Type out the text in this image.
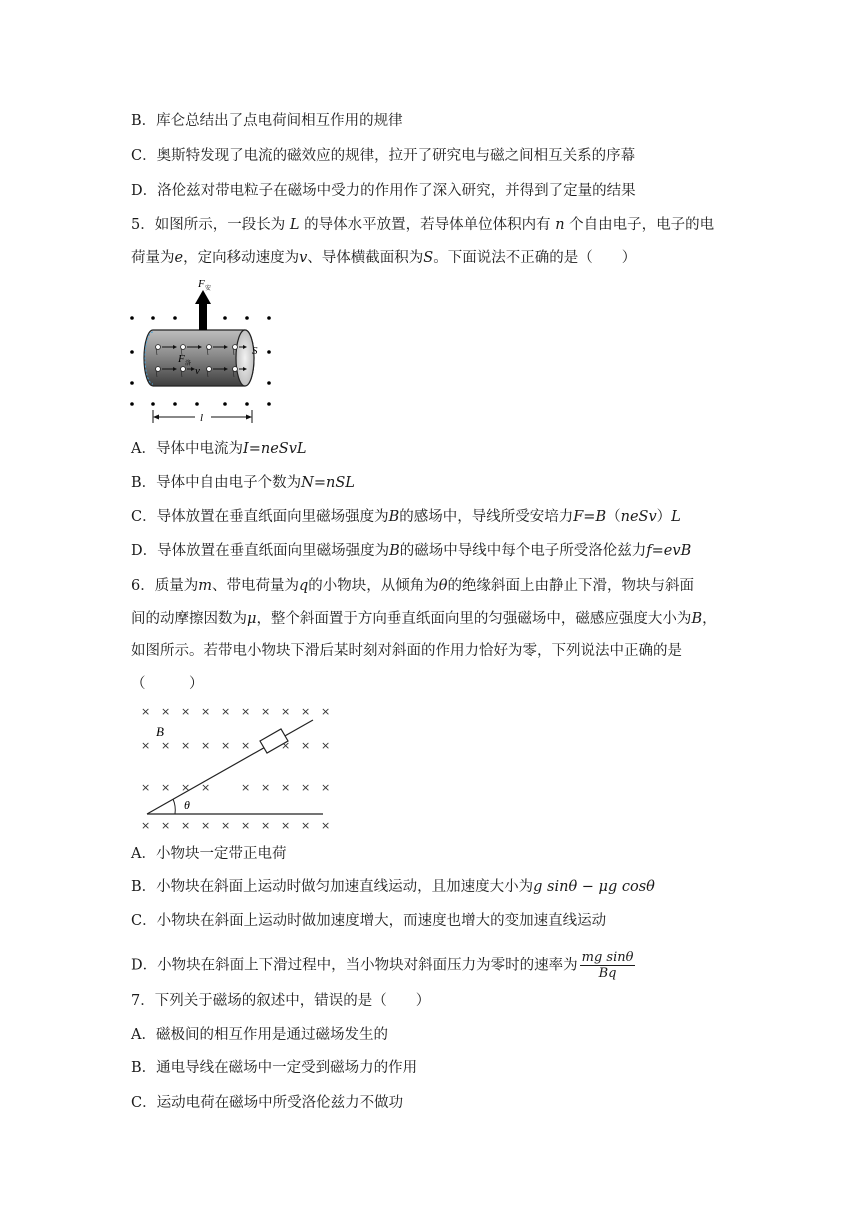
B．库仑总结出了点电荷间相互作用的规律
C．奥斯特发现了电流的磁效应的规律，拉开了研究电与磁之间相互关系的序幕
D．洛伦兹对带电粒子在磁场中受力的作用作了深入研究，并得到了定量的结果
5．如图所示，一段长为 L 的导体水平放置，若导体单位体积内有 n 个自由电子，电子的电
荷量为e，定向移动速度为v、导体横截面积为S。下面说法不正确的是（　　）
F 安
F 洛
v
S
l
A．导体中电流为I=neSvL
B．导体中自由电子个数为N=nSL
C．导体放置在垂直纸面向里磁场强度为B的感场中，导线所受安培力F=B（neSv）L
D．导体放置在垂直纸面向里磁场强度为B的磁场中导线中每个电子所受洛伦兹力f=evB
6．质量为m、带电荷量为q的小物块，从倾角为θ的绝缘斜面上由静止下滑，物块与斜面
间的动摩擦因数为μ，整个斜面置于方向垂直纸面向里的匀强磁场中，磁感应强度大小为B，
如图所示。若带电小物块下滑后某时刻对斜面的作用力恰好为零，下列说法中正确的是
（　　　）
× × × × × × × × × ×
× × × × × ×	× × ×
× × × ×	× × × × ×
× × × × × × × × × ×
θ
B
A．小物块一定带正电荷
B．小物块在斜面上运动时做匀加速直线运动，且加速度大小为g sinθ − μg cosθ
C．小物块在斜面上运动时做加速度增大，而速度也增大的变加速直线运动
D．小物块在斜面上下滑过程中，当小物块对斜面压力为零时的速率为 $\frac{\text{mg sinθ}}{Bq}$
7．下列关于磁场的叙述中，错误的是（　　）
A．磁极间的相互作用是通过磁场发生的
B．通电导线在磁场中一定受到磁场力的作用
C．运动电荷在磁场中所受洛伦兹力不做功
